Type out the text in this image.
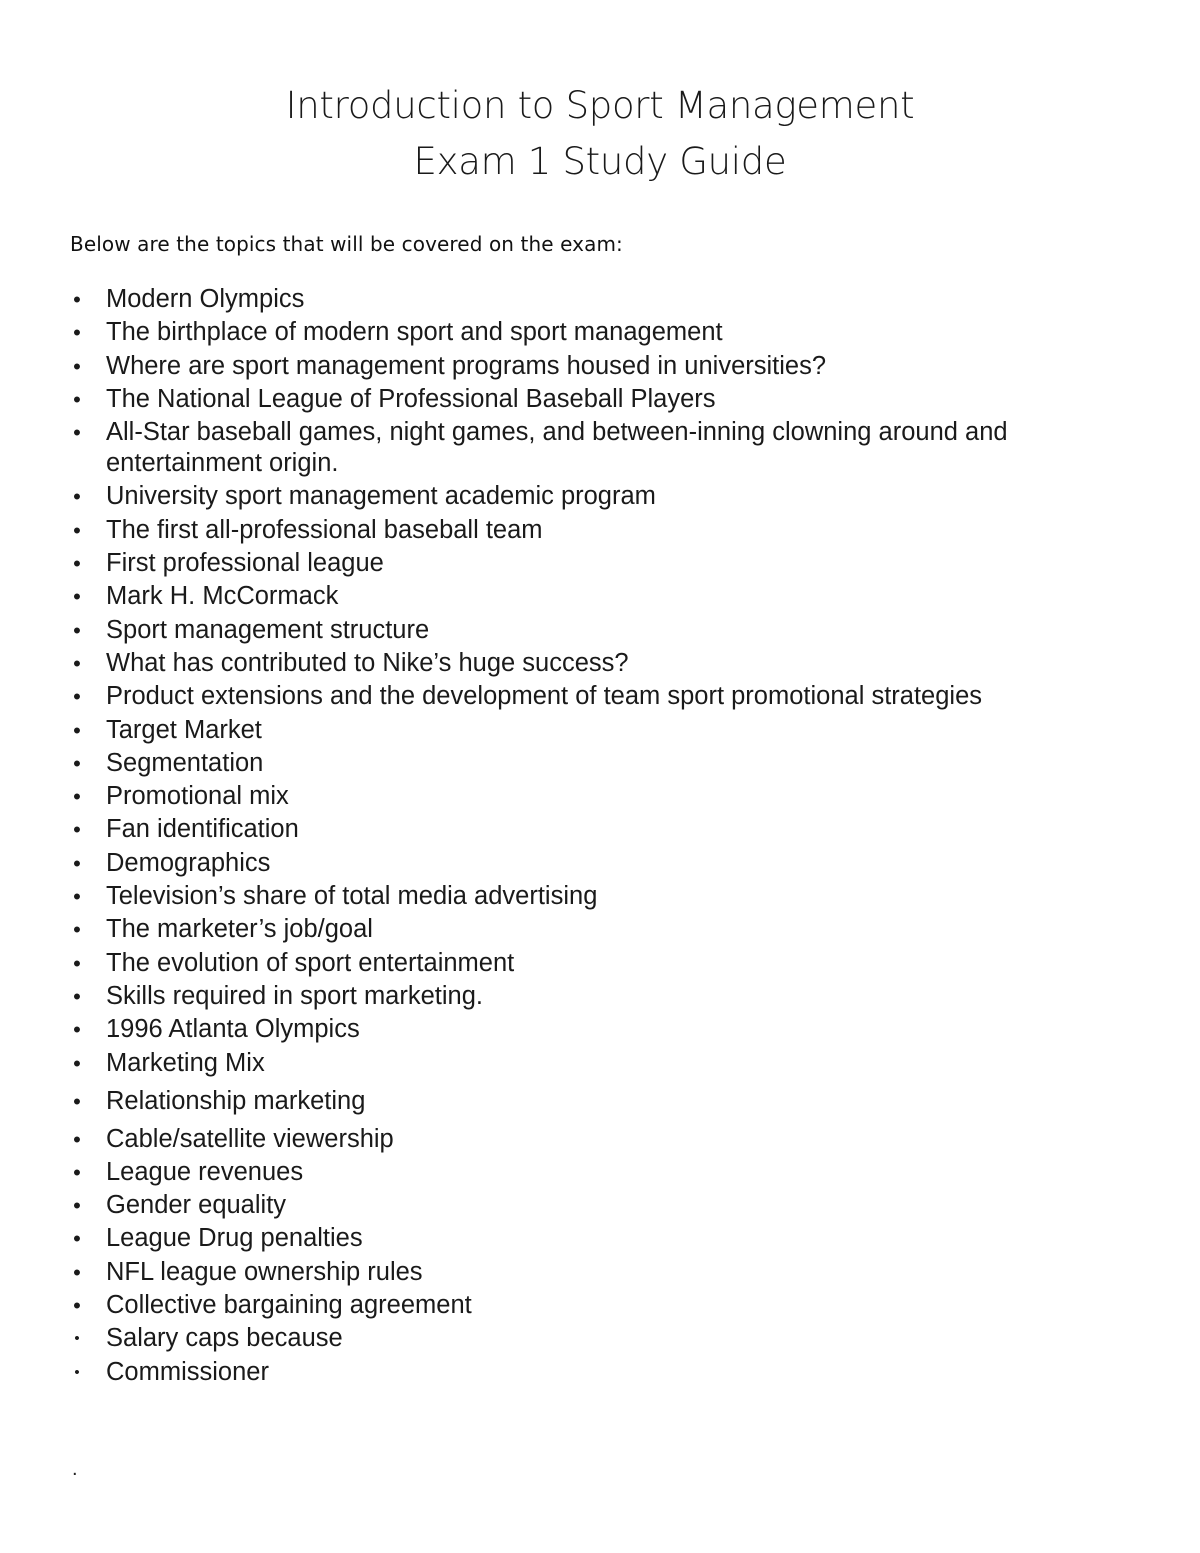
Introduction to Sport Management
Exam 1 Study Guide
Below are the topics that will be covered on the exam:
• Modern Olympics
• The birthplace of modern sport and sport management
• Where are sport management programs housed in universities?
• The National League of Professional Baseball Players
• All-Star baseball games, night games, and between-inning clowning around and entertainment origin.
• University sport management academic program
• The first all-professional baseball team
• First professional league
• Mark H. McCormack
• Sport management structure
• What has contributed to Nike’s huge success?
• Product extensions and the development of team sport promotional strategies
• Target Market
• Segmentation
• Promotional mix
• Fan identification
• Demographics
• Television’s share of total media advertising
• The marketer’s job/goal
• The evolution of sport entertainment
• Skills required in sport marketing.
• 1996 Atlanta Olympics
• Marketing Mix
• Relationship marketing
• Cable/satellite viewership
• League revenues
• Gender equality
• League Drug penalties
• NFL league ownership rules
• Collective bargaining agreement
• Salary caps because
• Commissioner
.
